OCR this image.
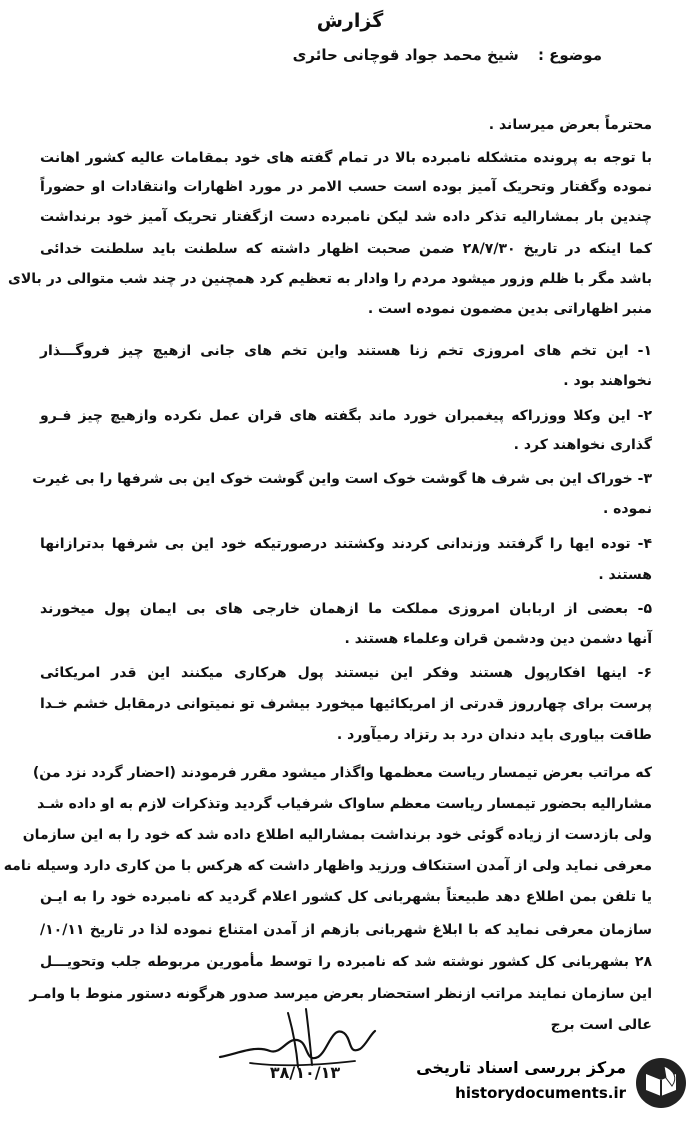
گزارش
موضوع : شیخ محمد جواد قوچانی حائری
محترماً بعرض میرساند .
با توجه به پرونده متشکله نامبرده بالا در تمام گفته های خود بمقامات عالیه کشور اهانت
نموده وگفتار وتحریک آمیز بوده است حسب الامر در مورد اظهارات وانتقادات او حضوراً
چندین بار بمشارالیه تذکر داده شد لیکن نامبرده دست ازگفتار تحریک آمیز خود برنداشت
کما اینکه در تاریخ ۲۸/۷/۳۰ ضمن صحبت اظهار داشته که سلطنت باید سلطنت خدائی
باشد مگر با ظلم وزور میشود مردم را وادار به تعظیم کرد همچنین در چند شب متوالی در بالای
منبر اظهاراتی بدین مضمون نموده است .
۱- این تخم های امروزی تخم زنا هستند واین تخم های جانی ازهیچ چیز فروگـــذار
نخواهند بود .
۲- این وکلا ووزراکه پیغمبران خورد ماند بگفته های قران عمل نکرده وازهیچ چیز فـرو
گذاری نخواهند کرد .
۳- خوراک این بی شرف ها گوشت خوک است واین گوشت خوک این بی شرفها را بی غیرت
نموده .
۴- توده ایها را گرفتند وزندانی کردند وکشتند درصورتیکه خود این بی شرفها بدترازانها
هستند .
۵- بعضی از اربابان امروزی مملکت ما ازهمان خارجی های بی ایمان پول میخورند
آنها دشمن دین ودشمن قران وعلماء هستند .
۶- اینها افکارپول هستند وفکر این نیستند پول هرکاری میکنند این قدر امریکائی
پرست برای چهارروز قدرتی از امریکائیها میخورد بیشرف تو نمیتوانی درمقابل خشم خـدا
طاقت بیاوری باید دندان درد بد رتزاد رمیآورد .
که مراتب بعرض تیمسار ریاست معظمها واگذار میشود مقرر فرمودند (احضار گردد نزد من)
مشارالیه بحضور تیمسار ریاست معظم ساواک شرفیاب گردید وتذکرات لازم به او داده شـد
ولی بازدست از زیاده گوئی خود برنداشت بمشارالیه اطلاع داده شد که خود را به این سازمان
معرفی نماید ولی از آمدن استنکاف ورزید واظهار داشت که هرکس با من کاری دارد وسیله نامه
یا تلفن بمن اطلاع دهد طبیعتاً بشهربانی کل کشور اعلام گردید که نامبرده خود را به ایـن
سازمان معرفی نماید که با ابلاغ شهربانی بازهم از آمدن امتناع نموده لذا در تاریخ ۱۰/۱۱/
۲۸ بشهربانی کل کشور نوشته شد که نامبرده را توسط مأمورین مربوطه جلب وتحویـــل
این سازمان نمایند مراتب ازنظر استحضار بعرض میرسد صدور هرگونه دستور منوط با وامـر
عالی است برج
۳۸/۱۰/۱۳	مرکز بررسی اسناد تاریخی
historydocuments.ir
